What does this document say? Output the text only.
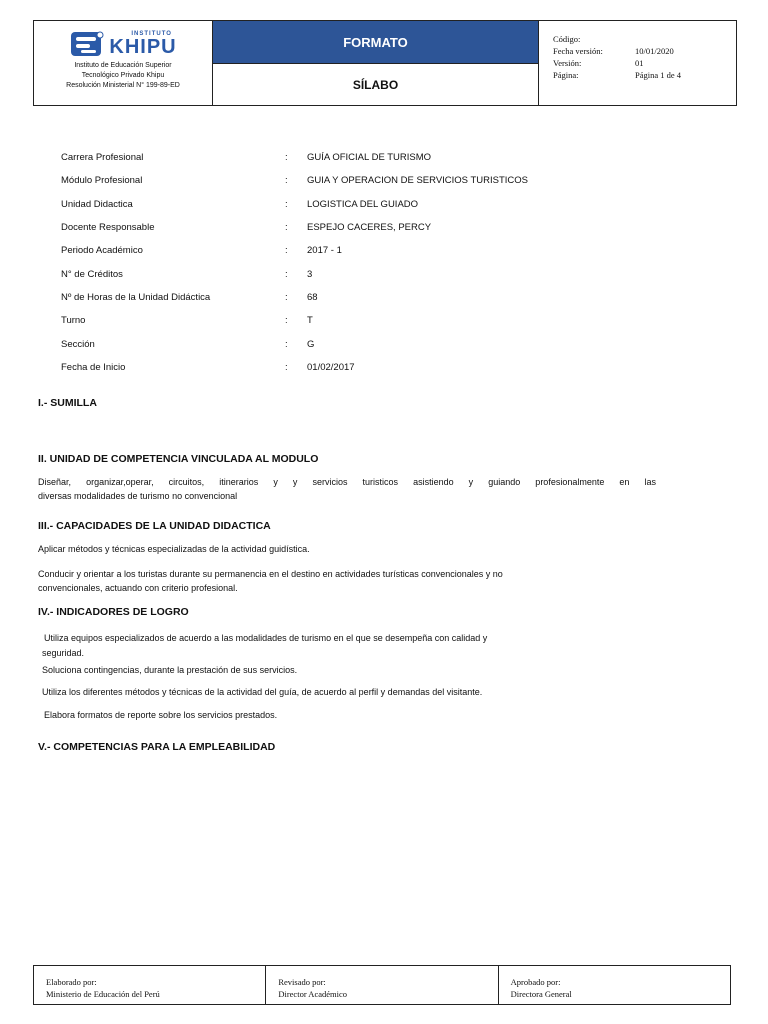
INSTITUTO
KHIPU
Instituto de Educación Superior
Tecnológico Privado Khipu
Resolución Ministerial N° 199-89-ED
FORMATO
SÍLABO
Código:
Fecha versión:	10/01/2020
Versión:	01
Página:	Página 1 de 4
Carrera Profesional	:	GUÍA OFICIAL DE TURISMO
Módulo Profesional	:	GUIA Y OPERACION DE SERVICIOS TURISTICOS
Unidad Didactica	:	LOGISTICA DEL GUIADO
Docente Responsable	:	ESPEJO CACERES, PERCY
Periodo Académico	:	2017 - 1
N° de Créditos	:	3
Nº de Horas de la Unidad Didáctica	:	68
Turno	:	T
Sección	:	G
Fecha de Inicio	:	01/02/2017
I.- SUMILLA
II. UNIDAD DE COMPETENCIA VINCULADA AL MODULO
Diseñar, organizar,operar, circuitos, itinerarios y y servicios turisticos asistiendo y guiando profesionalmente en las
diversas modalidades de turismo no convencional
III.- CAPACIDADES DE LA UNIDAD DIDACTICA
Aplicar métodos y técnicas especializadas de la actividad guidística.
Conducir y orientar a los turistas durante su permanencia en el destino en actividades turísticas convencionales y no
convencionales, actuando con criterio profesional.
IV.- INDICADORES DE LOGRO
Utiliza equipos especializados de acuerdo a las modalidades de turismo en el que se desempeña con calidad y
seguridad.
Soluciona contingencias, durante la prestación de sus servicios.
Utiliza los diferentes métodos y técnicas de la actividad del guía, de acuerdo al perfil y demandas del visitante.
Elabora formatos de reporte sobre los servicios prestados.
V.- COMPETENCIAS PARA LA EMPLEABILIDAD
Elaborado por:
Ministerio de Educación del Perú
Revisado por:
Director Académico
Aprobado por:
Directora General
